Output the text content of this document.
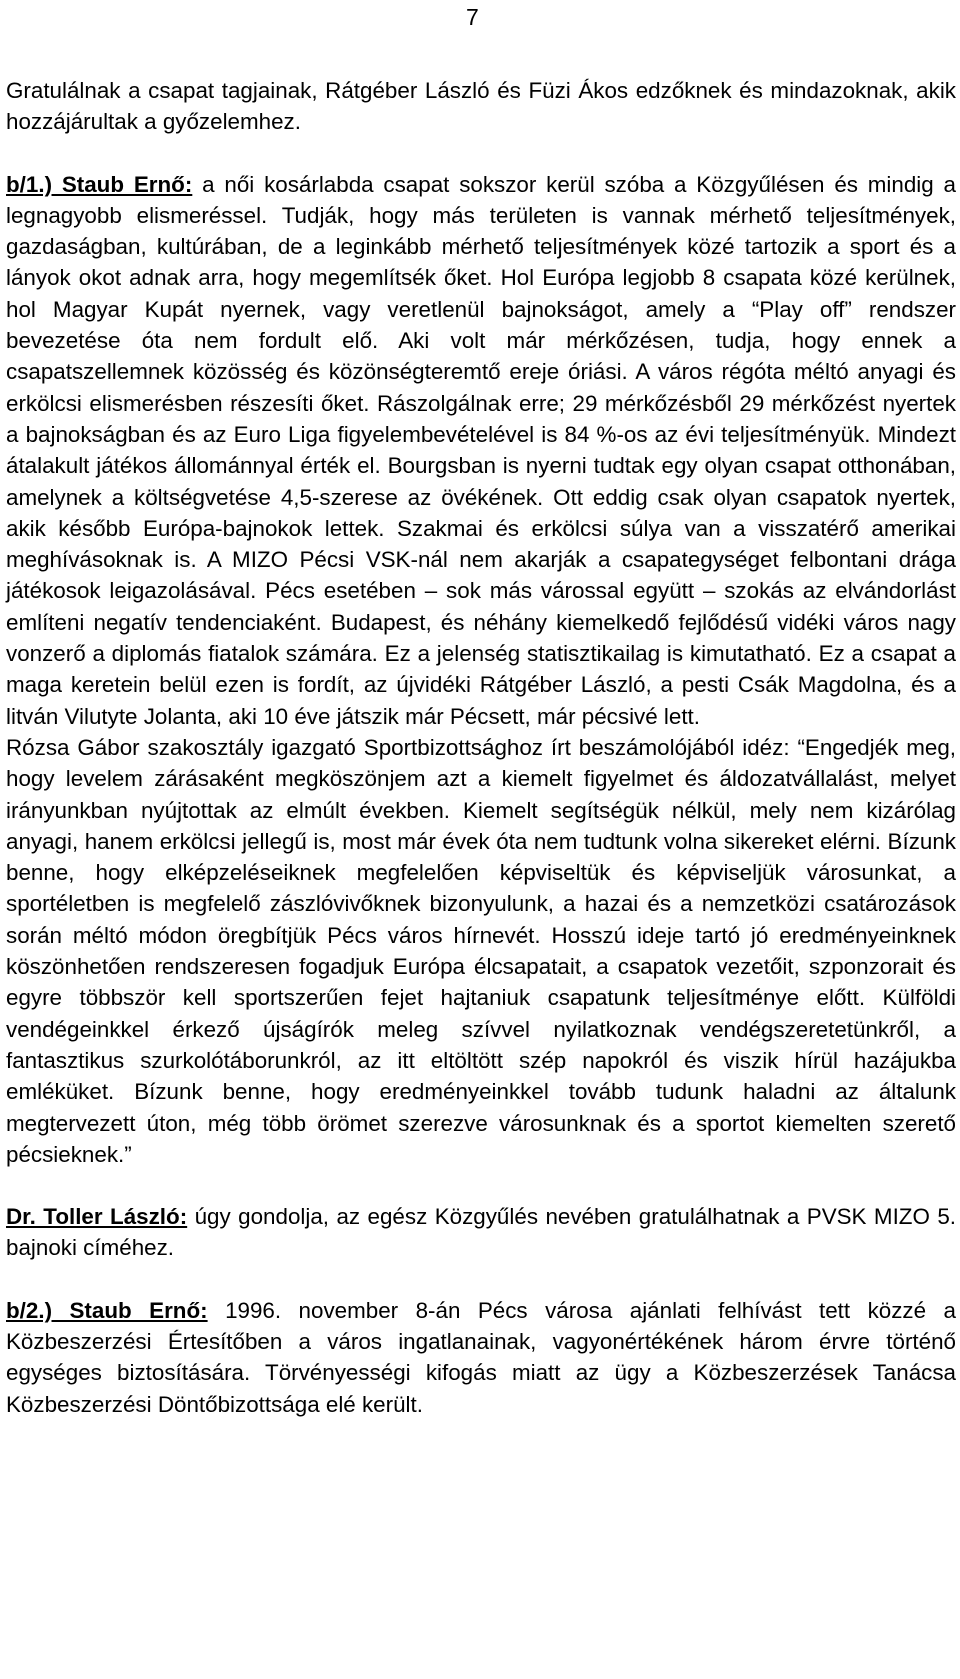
7

Gratulálnak a csapat tagjainak, Rátgéber László és Füzi Ákos edzőknek és mindazoknak, akik hozzájárultak a győzelemhez.

b/1.) Staub Ernő: a női kosárlabda csapat sokszor kerül szóba a Közgyűlésen és mindig a legnagyobb elismeréssel. Tudják, hogy más területen is vannak mérhető teljesítmények, gazdaságban, kultúrában, de a leginkább mérhető teljesítmények közé tartozik a sport és a lányok okot adnak arra, hogy megemlítsék őket. Hol Európa legjobb 8 csapata közé kerülnek, hol Magyar Kupát nyernek, vagy veretlenül bajnokságot, amely a “Play off” rendszer bevezetése óta nem fordult elő. Aki volt már mérkőzésen, tudja, hogy ennek a csapatszellemnek közösség és közönségteremtő ereje óriási. A város régóta méltó anyagi és erkölcsi elismerésben részesíti őket. Rászolgálnak erre; 29 mérkőzésből 29 mérkőzést nyertek a bajnokságban és az Euro Liga figyelembevételével is 84 %-os az évi teljesítményük. Mindezt átalakult játékos állománnyal érték el. Bourgsban is nyerni tudtak egy olyan csapat otthonában, amelynek a költségvetése 4,5-szerese az övékének. Ott eddig csak olyan csapatok nyertek, akik később Európa-bajnokok lettek. Szakmai és erkölcsi súlya van a visszatérő amerikai meghívásoknak is. A MIZO Pécsi VSK-nál nem akarják a csapategységet felbontani drága játékosok leigazolásával. Pécs esetében – sok más várossal együtt – szokás az elvándorlást említeni negatív tendenciaként. Budapest, és néhány kiemelkedő fejlődésű vidéki város nagy vonzerő a diplomás fiatalok számára. Ez a jelenség statisztikailag is kimutatható. Ez a csapat a maga keretein belül ezen is fordít, az újvidéki Rátgéber László, a pesti Csák Magdolna, és a litván Vilutyte Jolanta, aki 10 éve játszik már Pécsett, már pécsivé lett.

Rózsa Gábor szakosztály igazgató Sportbizottsághoz írt beszámolójából idéz: “Engedjék meg, hogy levelem zárásaként megköszönjem azt a kiemelt figyelmet és áldozatvállalást, melyet irányunkban nyújtottak az elmúlt években. Kiemelt segítségük nélkül, mely nem kizárólag anyagi, hanem erkölcsi jellegű is, most már évek óta nem tudtunk volna sikereket elérni. Bízunk benne, hogy elképzeléseiknek megfelelően képviseltük és képviseljük városunkat, a sportéletben is megfelelő zászlóvivőknek bizonyulunk, a hazai és a nemzetközi csatározások során méltó módon öregbítjük Pécs város hírnevét. Hosszú ideje tartó jó eredményeinknek köszönhetően rendszeresen fogadjuk Európa élcsapatait, a csapatok vezetőit, szponzorait és egyre többször kell sportszerűen fejet hajtaniuk csapatunk teljesítménye előtt. Külföldi vendégeinkkel érkező újságírók meleg szívvel nyilatkoznak vendégszeretetünkről, a fantasztikus szurkolótáborunkról, az itt eltöltött szép napokról és viszik hírül hazájukba emléküket. Bízunk benne, hogy eredményeinkkel tovább tudunk haladni az általunk megtervezett úton, még több örömet szerezve városunknak és a sportot kiemelten szerető pécsieknek.”

Dr. Toller László: úgy gondolja, az egész Közgyűlés nevében gratulálhatnak a PVSK MIZO 5. bajnoki címéhez.

b/2.) Staub Ernő: 1996. november 8-án Pécs városa ajánlati felhívást tett közzé a Közbeszerzési Értesítőben a város ingatlanainak, vagyonértékének három érvre történő egységes biztosítására. Törvényességi kifogás miatt az ügy a Közbeszerzések Tanácsa Közbeszerzési Döntőbizottsága elé került.
